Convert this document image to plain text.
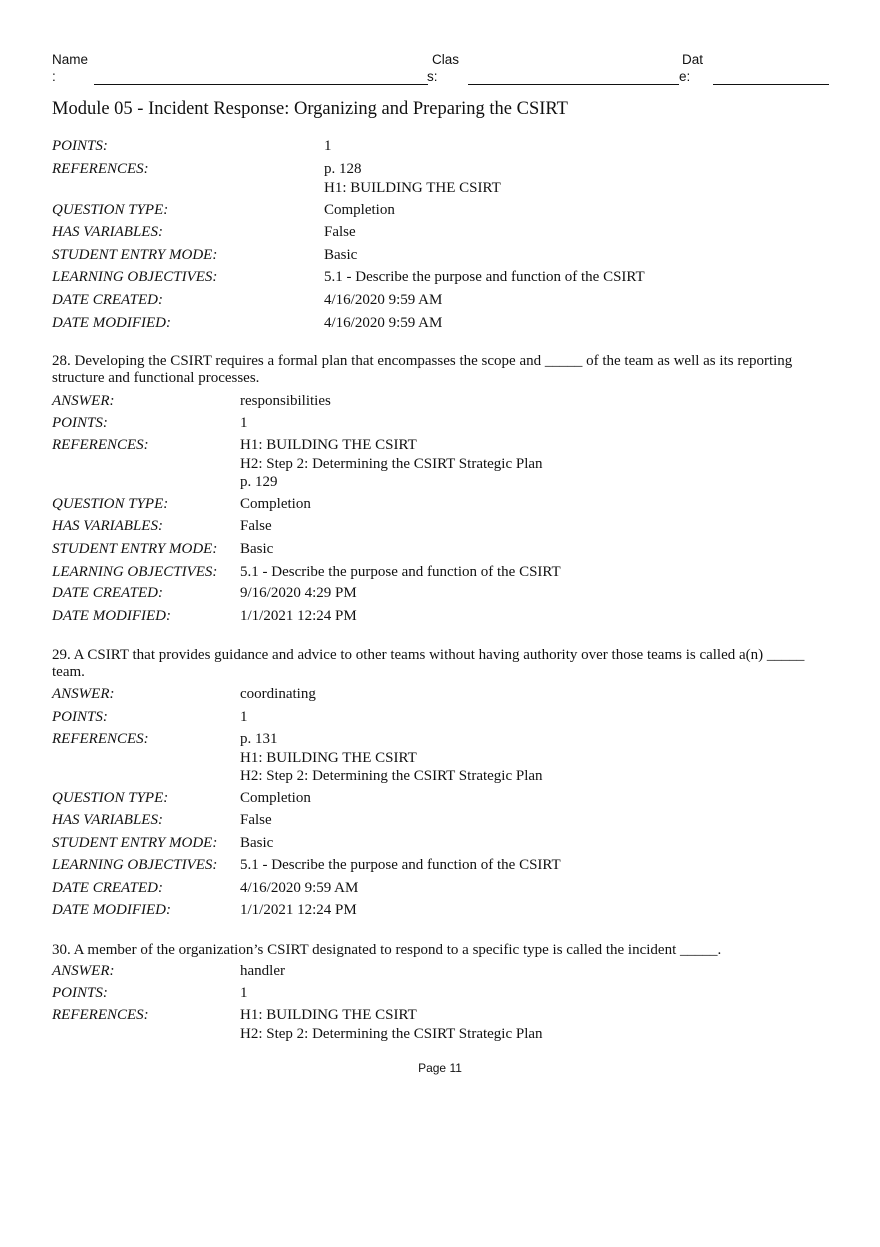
Name
:
Clas
s:
Dat
e:
Module 05 - Incident Response: Organizing and Preparing the CSIRT
POINTS:	1
REFERENCES:	p. 128
H1: BUILDING THE CSIRT
QUESTION TYPE:	Completion
HAS VARIABLES:	False
STUDENT ENTRY MODE:	Basic
LEARNING OBJECTIVES:	5.1 - Describe the purpose and function of the CSIRT
DATE CREATED:	4/16/2020 9:59 AM
DATE MODIFIED:	4/16/2020 9:59 AM
28. Developing the CSIRT requires a formal plan that encompasses the scope and _____ of the team as well as its reporting structure and functional processes.
ANSWER:	responsibilities
POINTS:	1
REFERENCES:	H1: BUILDING THE CSIRT
H2: Step 2: Determining the CSIRT Strategic Plan
p. 129
QUESTION TYPE:	Completion
HAS VARIABLES:	False
STUDENT ENTRY MODE: Basic
LEARNING OBJECTIVES: 5.1 - Describe the purpose and function of the CSIRT
DATE CREATED:	9/16/2020 4:29 PM
DATE MODIFIED:	1/1/2021 12:24 PM
29. A CSIRT that provides guidance and advice to other teams without having authority over those teams is called a(n) _____ team.
ANSWER:	coordinating
POINTS:	1
REFERENCES:	p. 131
H1: BUILDING THE CSIRT
H2: Step 2: Determining the CSIRT Strategic Plan
QUESTION TYPE:	Completion
HAS VARIABLES:	False
STUDENT ENTRY MODE: Basic
LEARNING OBJECTIVES: 5.1 - Describe the purpose and function of the CSIRT
DATE CREATED:	4/16/2020 9:59 AM
DATE MODIFIED:	1/1/2021 12:24 PM
30. A member of the organization’s CSIRT designated to respond to a specific type is called the incident _____.
ANSWER:	handler
POINTS:	1
REFERENCES:	H1: BUILDING THE CSIRT
H2: Step 2: Determining the CSIRT Strategic Plan
Page 11
